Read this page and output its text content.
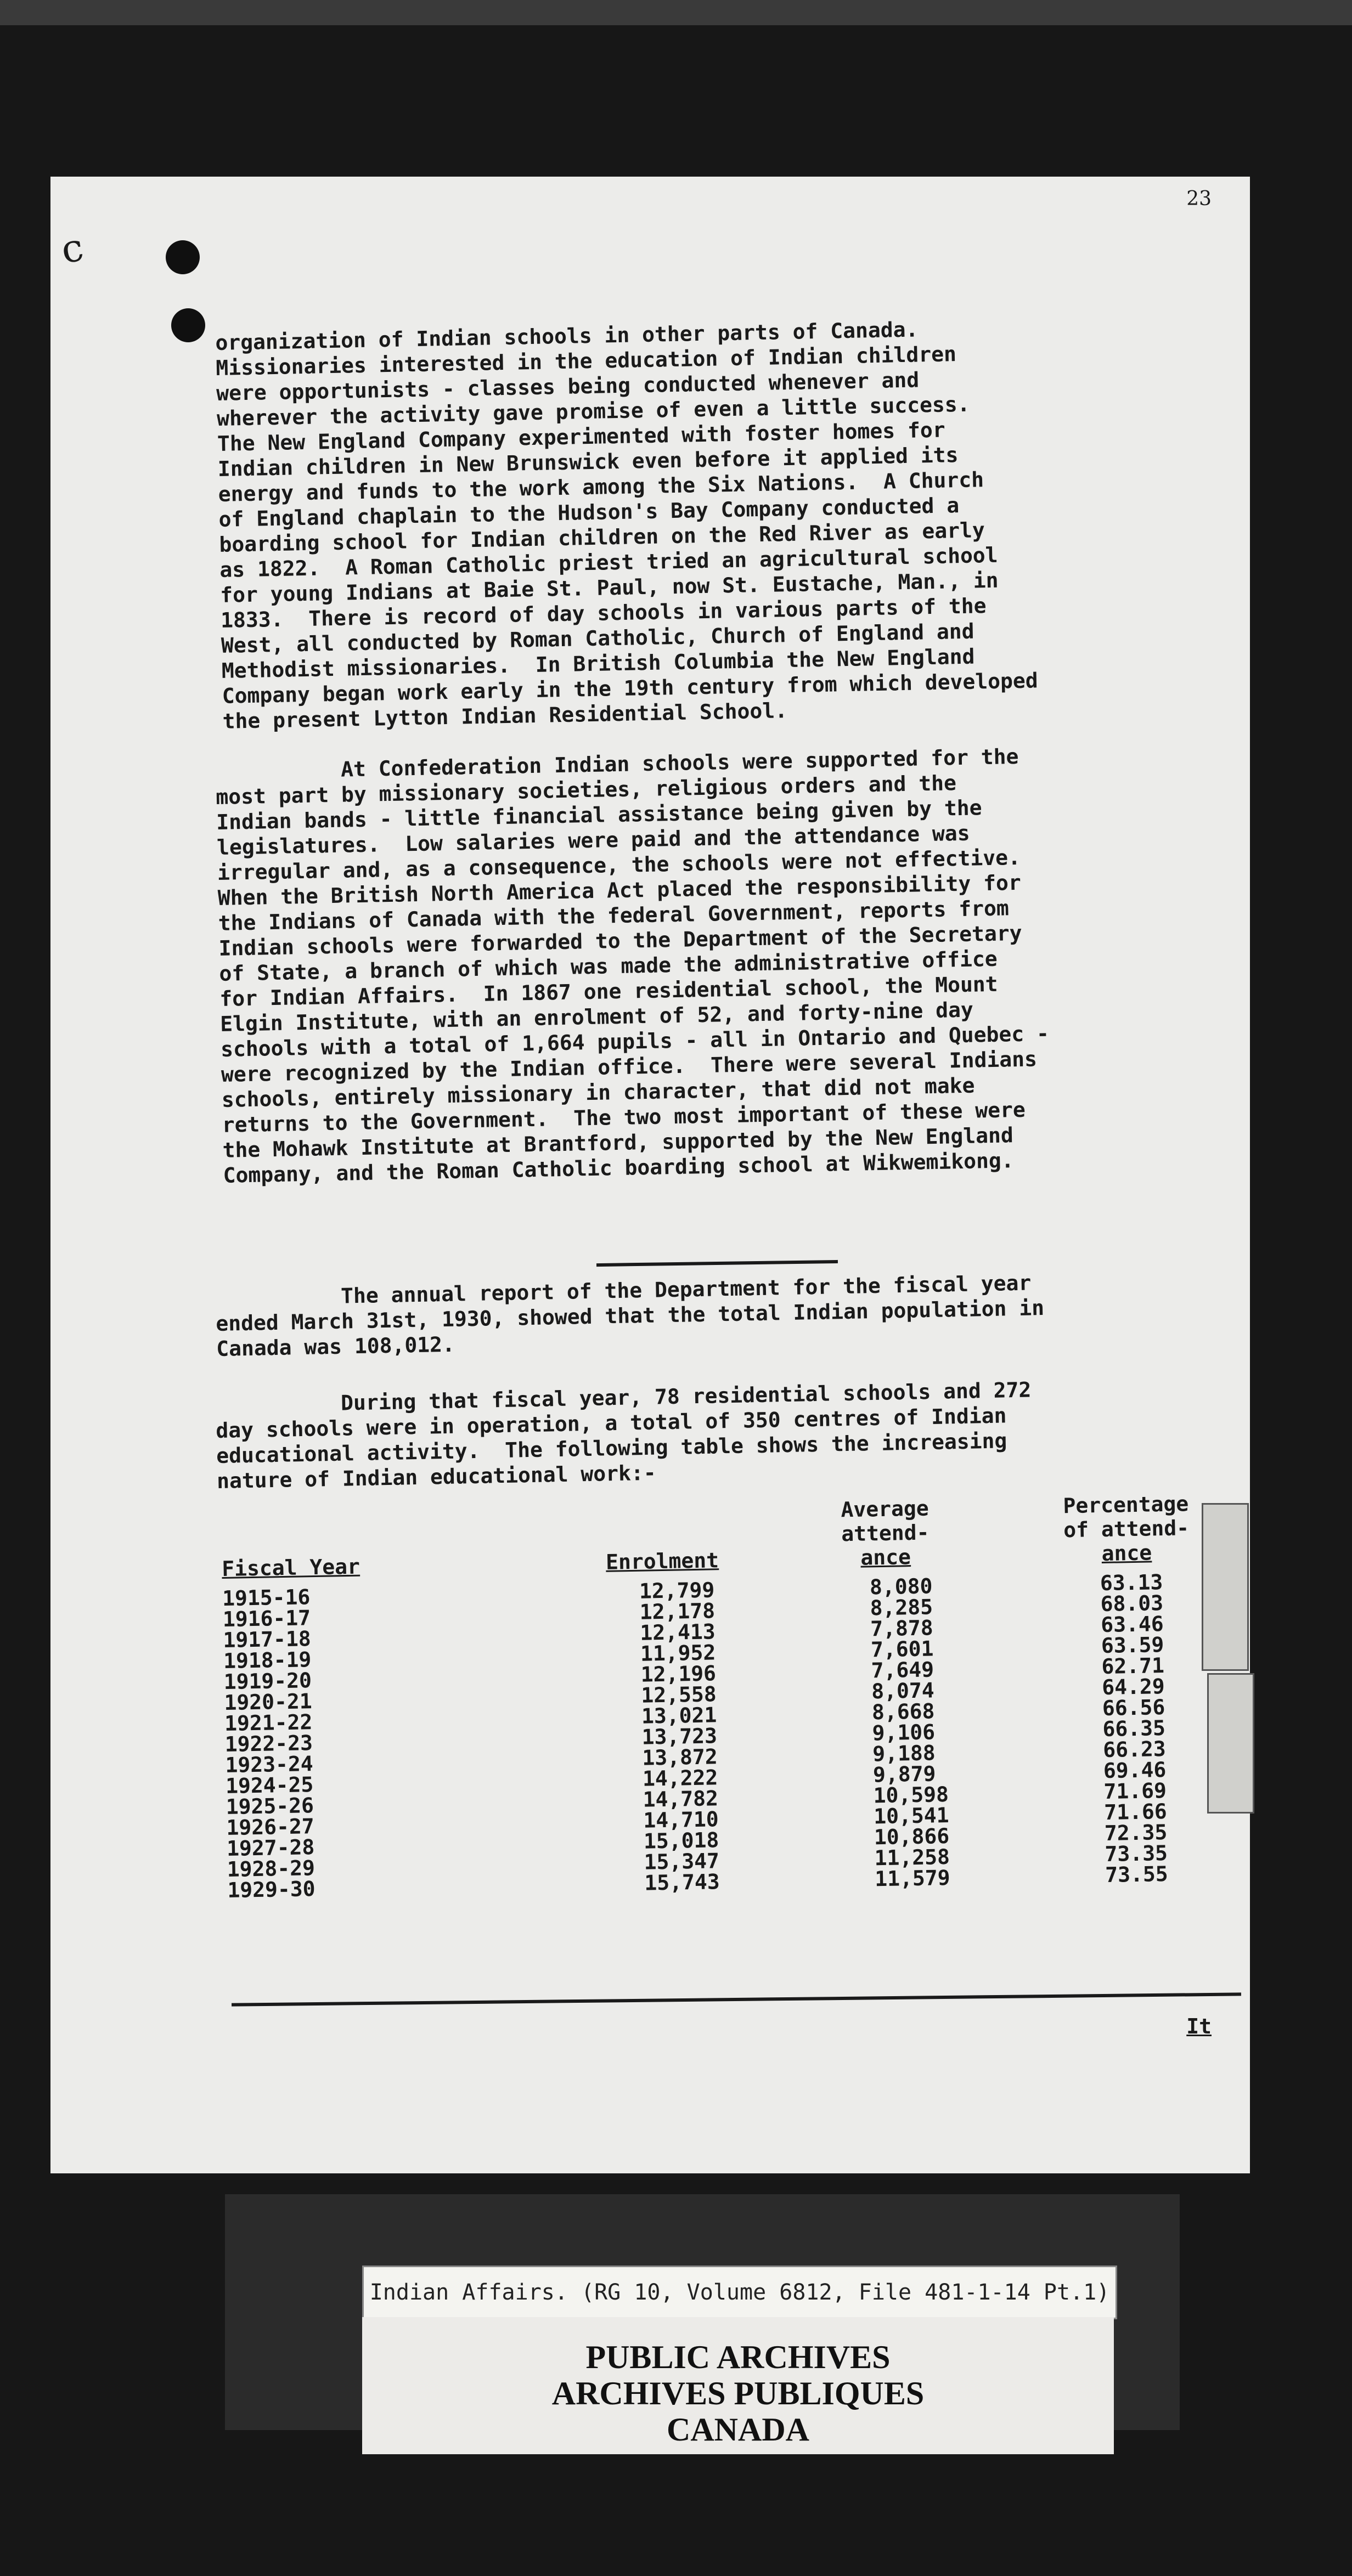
23
c
organization of Indian schools in other parts of Canada.
Missionaries interested in the education of Indian children
were opportunists - classes being conducted whenever and
wherever the activity gave promise of even a little success.
The New England Company experimented with foster homes for
Indian children in New Brunswick even before it applied its
energy and funds to the work among the Six Nations.  A Church
of England chaplain to the Hudson's Bay Company conducted a
boarding school for Indian children on the Red River as early
as 1822.  A Roman Catholic priest tried an agricultural school
for young Indians at Baie St. Paul, now St. Eustache, Man., in
1833.  There is record of day schools in various parts of the
West, all conducted by Roman Catholic, Church of England and
Methodist missionaries.  In British Columbia the New England
Company began work early in the 19th century from which developed
the present Lytton Indian Residential School.
At Confederation Indian schools were supported for the
most part by missionary societies, religious orders and the
Indian bands - little financial assistance being given by the
legislatures.  Low salaries were paid and the attendance was
irregular and, as a consequence, the schools were not effective.
When the British North America Act placed the responsibility for
the Indians of Canada with the federal Government, reports from
Indian schools were forwarded to the Department of the Secretary
of State, a branch of which was made the administrative office
for Indian Affairs.  In 1867 one residential school, the Mount
Elgin Institute, with an enrolment of 52, and forty-nine day
schools with a total of 1,664 pupils - all in Ontario and Quebec -
were recognized by the Indian office.  There were several Indians
schools, entirely missionary in character, that did not make
returns to the Government.  The two most important of these were
the Mohawk Institute at Brantford, supported by the New England
Company, and the Roman Catholic boarding school at Wikwemikong.
The annual report of the Department for the fiscal year
ended March 31st, 1930, showed that the total Indian population in
Canada was 108,012.
During that fiscal year, 78 residential schools and 272
day schools were in operation, a total of 350 centres of Indian
educational activity.  The following table shows the increasing
nature of Indian educational work:-
Fiscal Year	Enrolment
Average
attend-
ance
Percentage
of attend-
ance
1915-16	12,799	8,080	63.13
1916-17	12,178	8,285	68.03
1917-18	12,413	7,878	63.46
1918-19	11,952	7,601	63.59
1919-20	12,196	7,649	62.71
1920-21	12,558	8,074	64.29
1921-22	13,021	8,668	66.56
1922-23	13,723	9,106	66.35
1923-24	13,872	9,188	66.23
1924-25	14,222	9,879	69.46
1925-26	14,782	10,598	71.69
1926-27	14,710	10,541	71.66
1927-28	15,018	10,866	72.35
1928-29	15,347	11,258	73.35
1929-30	15,743	11,579	73.55
It
Indian Affairs. (RG 10, Volume 6812, File 481-1-14 Pt.1)
PUBLIC ARCHIVES
ARCHIVES PUBLIQUES
CANADA
